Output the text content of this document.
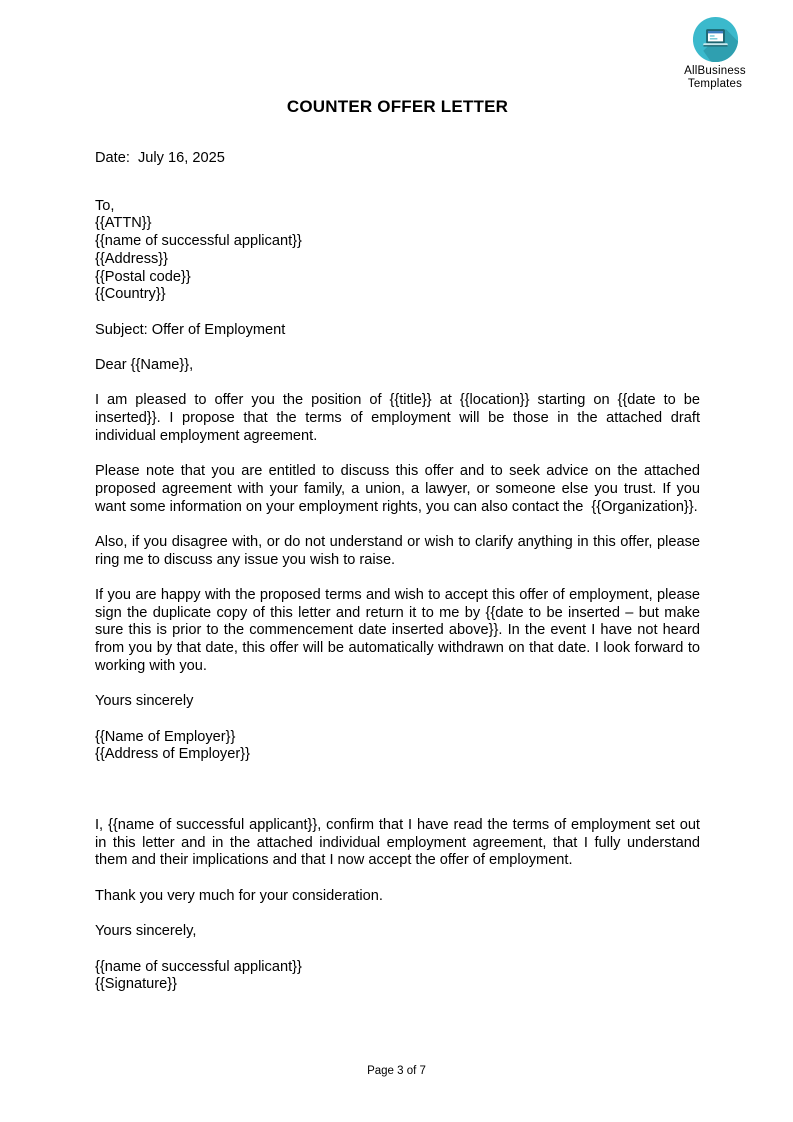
AllBusiness
Templates
COUNTER OFFER LETTER
Date:  July 16, 2025
To,
{{ATTN}}
{{name of successful applicant}}
{{Address}}
{{Postal code}}
{{Country}}
Subject: Offer of Employment
Dear {{Name}},

I am pleased to offer you the position of {{title}} at {{location}} starting on {{date to be inserted}}. I propose that the terms of employment will be those in the attached draft individual employment agreement.

Please note that you are entitled to discuss this offer and to seek advice on the attached proposed agreement with your family, a union, a lawyer, or someone else you trust. If you want some information on your employment rights, you can also contact the  {{Organization}}.

Also, if you disagree with, or do not understand or wish to clarify anything in this offer, please ring me to discuss any issue you wish to raise.

If you are happy with the proposed terms and wish to accept this offer of employment, please sign the duplicate copy of this letter and return it to me by {{date to be inserted – but make sure this is prior to the commencement date inserted above}}. In the event I have not heard from you by that date, this offer will be automatically withdrawn on that date. I look forward to working with you.

Yours sincerely
{{Name of Employer}}
{{Address of Employer}}

I, {{name of successful applicant}}, confirm that I have read the terms of employment set out in this letter and in the attached individual employment agreement, that I fully understand them and their implications and that I now accept the offer of employment.

Thank you very much for your consideration.
Yours sincerely,
{{name of successful applicant}}
{{Signature}}
Page 3 of 7
